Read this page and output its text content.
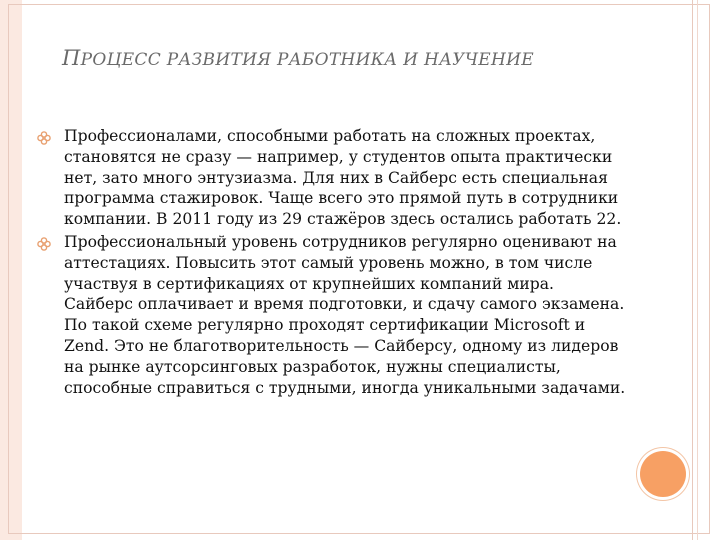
ПРОЦЕСС РАЗВИТИЯ РАБОТНИКА И НАУЧЕНИЕ
Профессионалами, способными работать на сложных проектах, становятся не сразу — например, у студентов опыта практически нет, зато много энтузиазма. Для них в Сайберс есть специальная программа стажировок. Чаще всего это прямой путь в сотрудники компании. В 2011 году из 29 стажёров здесь остались работать 22.
Профессиональный уровень сотрудников регулярно оценивают на аттестациях. Повысить этот самый уровень можно, в том числе участвуя в сертификациях от крупнейших компаний мира. Сайберс оплачивает и время подготовки, и сдачу самого экзамена. По такой схеме регулярно проходят сертификации Microsoft и Zend. Это не благотворительность — Сайберсу, одному из лидеров на рынке аутсорсинговых разработок, нужны специалисты, способные справиться с трудными, иногда уникальными задачами.
